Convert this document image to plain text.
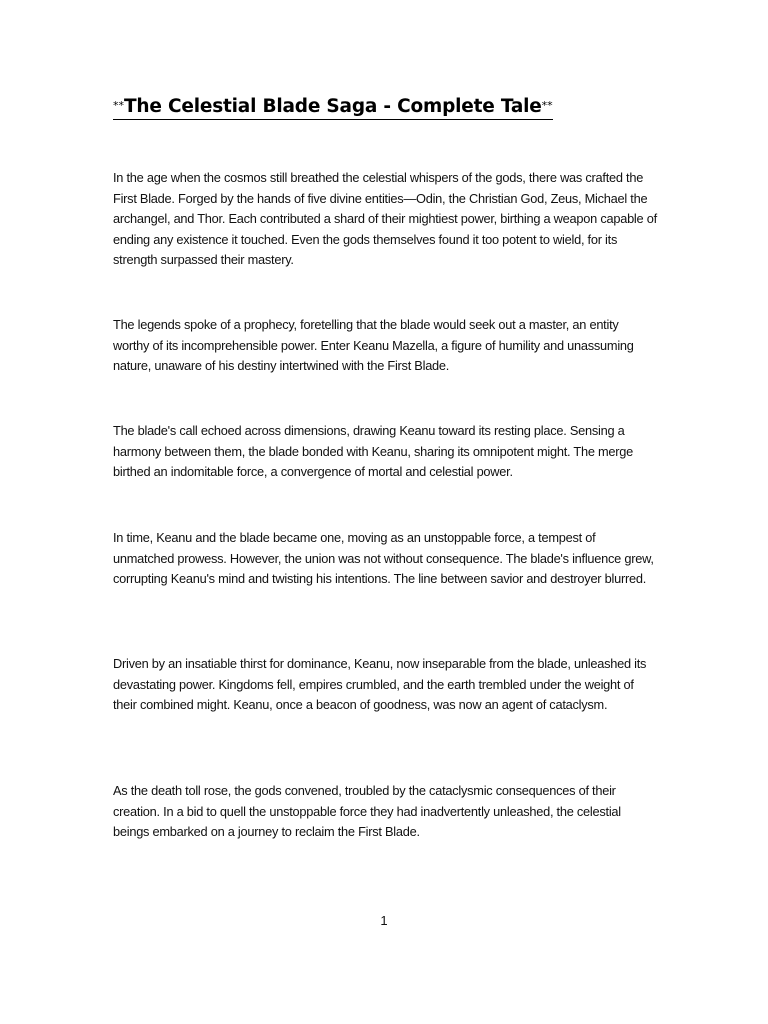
**The Celestial Blade Saga - Complete Tale**

In the age when the cosmos still breathed the celestial whispers of the gods, there was crafted the First Blade. Forged by the hands of five divine entities—Odin, the Christian God, Zeus, Michael the archangel, and Thor. Each contributed a shard of their mightiest power, birthing a weapon capable of ending any existence it touched. Even the gods themselves found it too potent to wield, for its strength surpassed their mastery.

The legends spoke of a prophecy, foretelling that the blade would seek out a master, an entity worthy of its incomprehensible power. Enter Keanu Mazella, a figure of humility and unassuming nature, unaware of his destiny intertwined with the First Blade.

The blade's call echoed across dimensions, drawing Keanu toward its resting place. Sensing a harmony between them, the blade bonded with Keanu, sharing its omnipotent might. The merge birthed an indomitable force, a convergence of mortal and celestial power.

In time, Keanu and the blade became one, moving as an unstoppable force, a tempest of unmatched prowess. However, the union was not without consequence. The blade's influence grew, corrupting Keanu's mind and twisting his intentions. The line between savior and destroyer blurred.

Driven by an insatiable thirst for dominance, Keanu, now inseparable from the blade, unleashed its devastating power. Kingdoms fell, empires crumbled, and the earth trembled under the weight of their combined might. Keanu, once a beacon of goodness, was now an agent of cataclysm.

As the death toll rose, the gods convened, troubled by the cataclysmic consequences of their creation. In a bid to quell the unstoppable force they had inadvertently unleashed, the celestial beings embarked on a journey to reclaim the First Blade.

1
